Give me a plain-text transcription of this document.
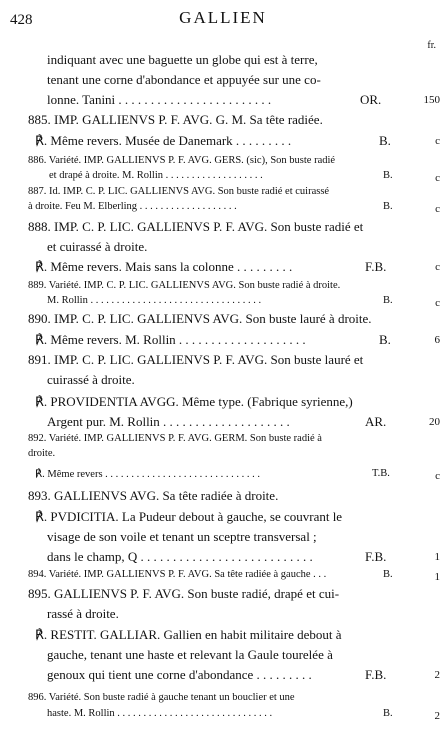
428	GALLIEN
fr.
indiquant avec une baguette un globe qui est à terre,
tenant une corne d'abondance et appuyée sur une co-
lonne. Tanini . . . . . . . . . . . . . . . . . . . . . . . .	OR.	150
885. IMP. GALLIENVS P. F. AVG. G. M. Sa tête radiée.
℟. Même revers. Musée de Danemark . . . . . . . . .	B.	c
886. Variété. IMP. GALLIENVS P. F. AVG. GERS. (sic), Son buste radié
et drapé à droite. M. Rollin . . . . . . . . . . . . . . . . . . .	B.	c
887. Id. IMP. C. P. LIC. GALLIENVS AVG. Son buste radié et cuirassé
à droite. Feu M. Elberling . . . . . . . . . . . . . . . . . . .	B.	c
888. IMP. C. P. LIC. GALLIENVS P. F. AVG. Son buste radié et
et cuirassé à droite.
℟. Même revers. Mais sans la colonne . . . . . . . . .	F.B.	c
889. Variété. IMP. C. P. LIC. GALLIENVS AVG. Son buste radié à droite.
M. Rollin . . . . . . . . . . . . . . . . . . . . . . . . . . . . . . . . .	B.	c
890. IMP. C. P. LIC. GALLIENVS AVG. Son buste lauré à droite.
℟. Même revers. M. Rollin . . . . . . . . . . . . . . . . . . . .	B.	6
891. IMP. C. P. LIC. GALLIENVS P. F. AVG. Son buste lauré et
cuirassé à droite.
℟. PROVIDENTIA AVGG. Même type. (Fabrique syrienne,)
Argent pur. M. Rollin . . . . . . . . . . . . . . . . . . . .	AR.	20
892. Variété. IMP. GALLIENVS P. F. AVG. GERM. Son buste radié à
droite.
℟. Même revers . . . . . . . . . . . . . . . . . . . . . . . . . . . . . .	T.B.	c
893. GALLIENVS AVG. Sa tête radiée à droite.
℟. PVDICITIA. La Pudeur debout à gauche, se couvrant le
visage de son voile et tenant un sceptre transversal ;
dans le champ, Q . . . . . . . . . . . . . . . . . . . . . . . . . . .	F.B.	1
894. Variété. IMP. GALLIENVS P. F. AVG. Sa tête radiée à gauche . . .	B.	1
895. GALLIENVS P. F. AVG. Son buste radié, drapé et cui-
rassé à droite.
℟. RESTIT. GALLIAR. Gallien en habit militaire debout à
gauche, tenant une haste et relevant la Gaule tourelée à
genoux qui tient une corne d'abondance . . . . . . . . .	F.B.	2
896. Variété. Son buste radié à gauche tenant un bouclier et une
haste. M. Rollin . . . . . . . . . . . . . . . . . . . . . . . . . . . . . .	B.	2
